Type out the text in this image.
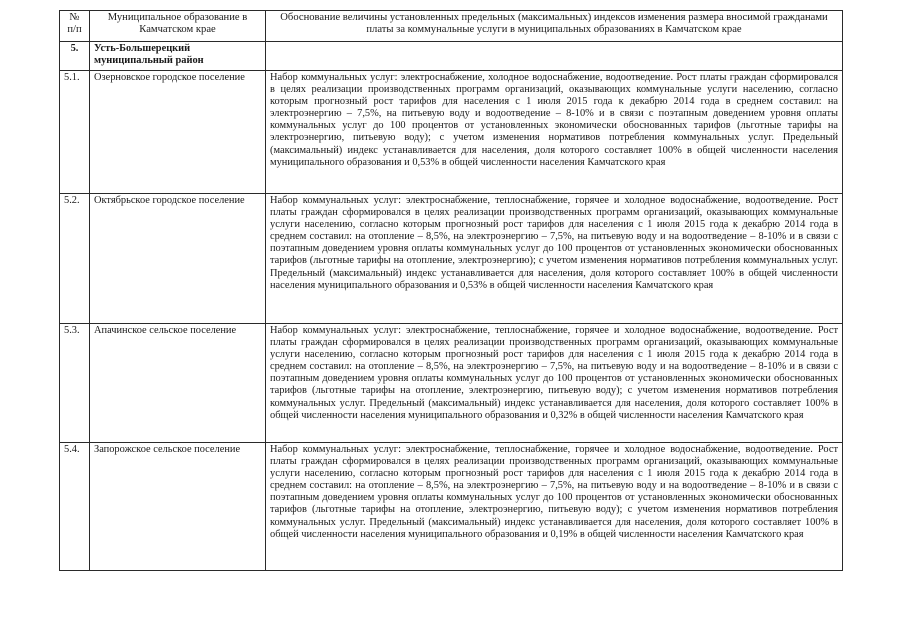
№ п/п	Муниципальное образование в Камчатском крае	Обоснование величины установленных предельных (максимальных) индексов изменения размера вносимой гражданами платы за коммунальные услуги в муниципальных образованиях в Камчатском крае
5.	Усть-Большерецкий муниципальный район	
5.1.	Озерновское городское поселение	Набор коммунальных услуг: электроснабжение, холодное водоснабжение, водоотведение. Рост платы граждан сформировался в целях реализации производственных программ организаций, оказывающих коммунальные услуги населению, согласно которым прогнозный рост тарифов для населения с 1 июля 2015 года к декабрю 2014 года в среднем составил: на электроэнергию – 7,5%, на питьевую воду и водоотведение – 8-10% и в связи с поэтапным доведением уровня оплаты коммунальных услуг до 100 процентов от установленных экономически обоснованных тарифов (льготные тарифы на электроэнергию, питьевую воду); с учетом изменения нормативов потребления коммунальных услуг. Предельный (максимальный) индекс устанавливается для населения, доля которого составляет 100% в общей численности населения муниципального образования и 0,53% в общей численности населения Камчатского края
5.2.	Октябрьское городское поселение	Набор коммунальных услуг: электроснабжение, теплоснабжение, горячее и холодное водоснабжение, водоотведение. Рост платы граждан сформировался в целях реализации производственных программ организаций, оказывающих коммунальные услуги населению, согласно которым прогнозный рост тарифов для населения с 1 июля 2015 года к декабрю 2014 года в среднем составил: на отопление – 8,5%, на электроэнергию – 7,5%, на питьевую воду и на водоотведение – 8-10% и в связи с поэтапным доведением уровня оплаты коммунальных услуг до 100 процентов от установленных экономически обоснованных тарифов (льготные тарифы на отопление, электроэнергию); с учетом изменения нормативов потребления коммунальных услуг. Предельный (максимальный) индекс устанавливается для населения, доля которого составляет 100% в общей численности населения муниципального образования и 0,53% в общей численности населения Камчатского края
5.3.	Апачинское сельское поселение	Набор коммунальных услуг: электроснабжение, теплоснабжение, горячее и холодное водоснабжение, водоотведение. Рост платы граждан сформировался в целях реализации производственных программ организаций, оказывающих коммунальные услуги населению, согласно которым прогнозный рост тарифов для населения с 1 июля 2015 года к декабрю 2014 года в среднем составил: на отопление – 8,5%, на электроэнергию – 7,5%, на питьевую воду и на водоотведение – 8-10% и в связи с поэтапным доведением уровня оплаты коммунальных услуг до 100 процентов от установленных экономически обоснованных тарифов (льготные тарифы на отопление, электроэнергию, питьевую воду); с учетом изменения нормативов потребления коммунальных услуг. Предельный (максимальный) индекс устанавливается для населения, доля которого составляет 100% в общей численности населения муниципального образования и 0,32% в общей численности населения Камчатского края
5.4.	Запорожское сельское поселение	Набор коммунальных услуг: электроснабжение, теплоснабжение, горячее и холодное водоснабжение, водоотведение. Рост платы граждан сформировался в целях реализации производственных программ организаций, оказывающих коммунальные услуги населению, согласно которым прогнозный рост тарифов для населения с 1 июля 2015 года к декабрю 2014 года в среднем составил: на отопление – 8,5%, на электроэнергию – 7,5%, на питьевую воду и на водоотведение – 8-10% и в связи с поэтапным доведением уровня оплаты коммунальных услуг до 100 процентов от установленных экономически обоснованных тарифов (льготные тарифы на отопление, электроэнергию, питьевую воду); с учетом изменения нормативов потребления коммунальных услуг. Предельный (максимальный) индекс устанавливается для населения, доля которого составляет 100% в общей численности населения муниципального образования и 0,19% в общей численности населения Камчатского края
